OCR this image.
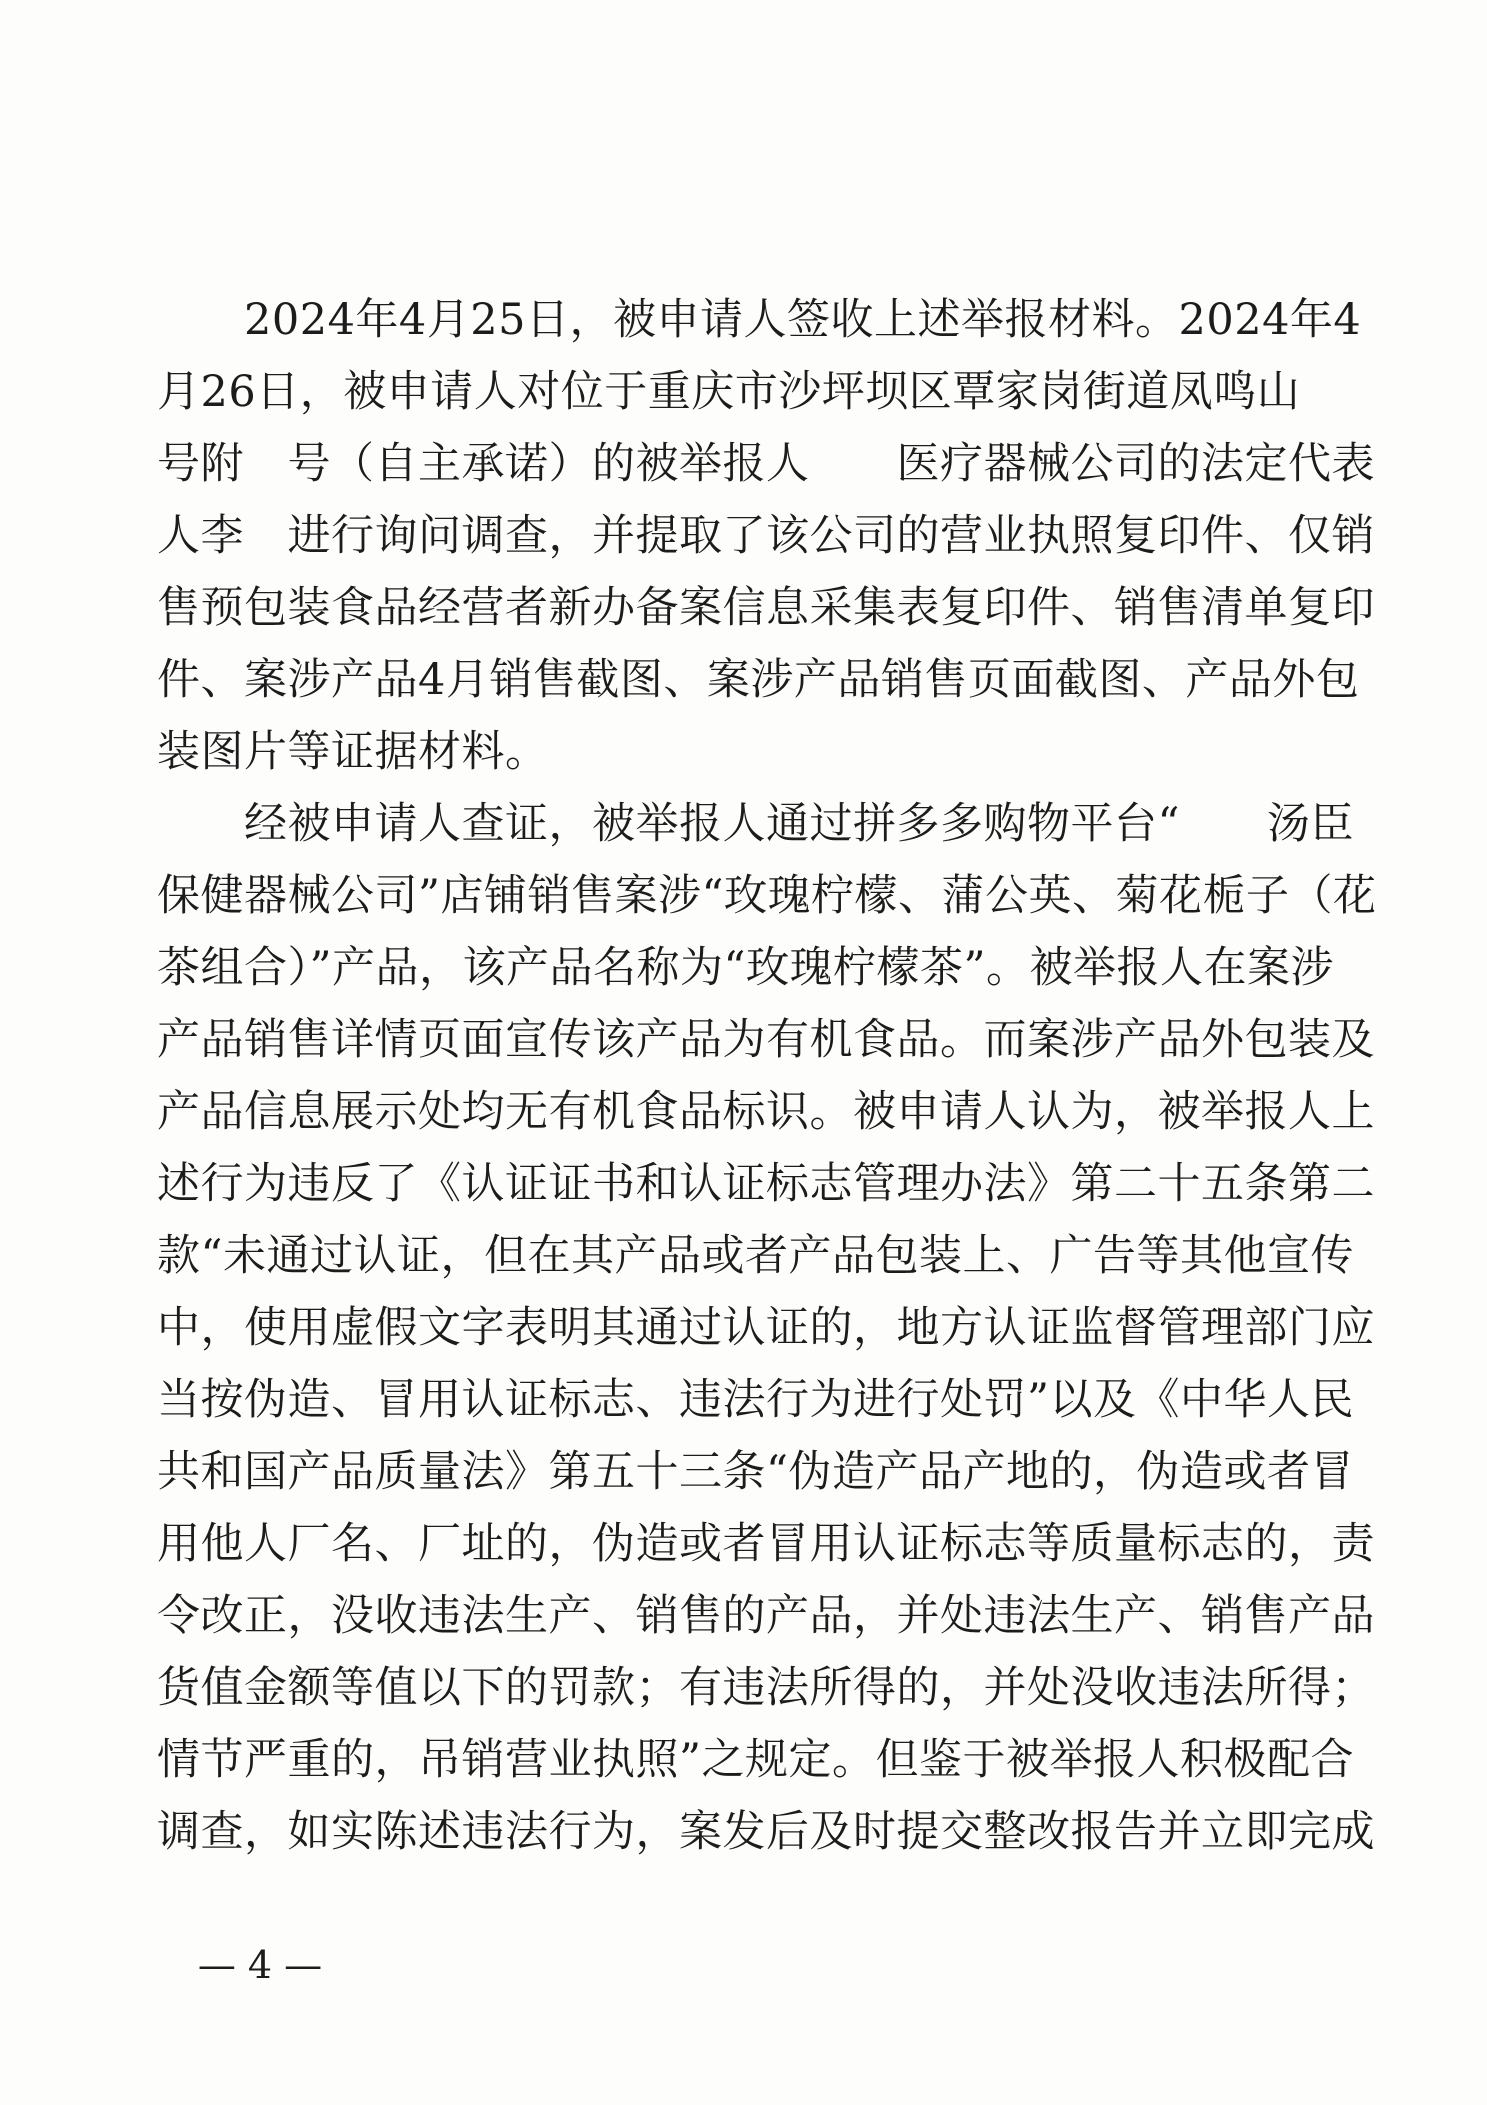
　　2024年4月25日，被申请人签收上述举报材料。2024年4
月26日，被申请人对位于重庆市沙坪坝区覃家岗街道凤鸣山
号附　号（自主承诺）的被举报人　　医疗器械公司的法定代表
人李　进行询问调查，并提取了该公司的营业执照复印件、仅销
售预包装食品经营者新办备案信息采集表复印件、销售清单复印
件、案涉产品4月销售截图、案涉产品销售页面截图、产品外包
装图片等证据材料。
　　经被申请人查证，被举报人通过拼多多购物平台“　　汤臣
保健器械公司”店铺销售案涉“玫瑰柠檬、蒲公英、菊花栀子（花
茶组合）”产品，该产品名称为“玫瑰柠檬茶”。被举报人在案涉
产品销售详情页面宣传该产品为有机食品。而案涉产品外包装及
产品信息展示处均无有机食品标识。被申请人认为，被举报人上
述行为违反了《认证证书和认证标志管理办法》第二十五条第二
款“未通过认证，但在其产品或者产品包装上、广告等其他宣传
中，使用虚假文字表明其通过认证的，地方认证监督管理部门应
当按伪造、冒用认证标志、违法行为进行处罚”以及《中华人民
共和国产品质量法》第五十三条“伪造产品产地的，伪造或者冒
用他人厂名、厂址的，伪造或者冒用认证标志等质量标志的，责
令改正，没收违法生产、销售的产品，并处违法生产、销售产品
货值金额等值以下的罚款；有违法所得的，并处没收违法所得；
情节严重的，吊销营业执照”之规定。但鉴于被举报人积极配合
调查，如实陈述违法行为，案发后及时提交整改报告并立即完成
— 4 —
